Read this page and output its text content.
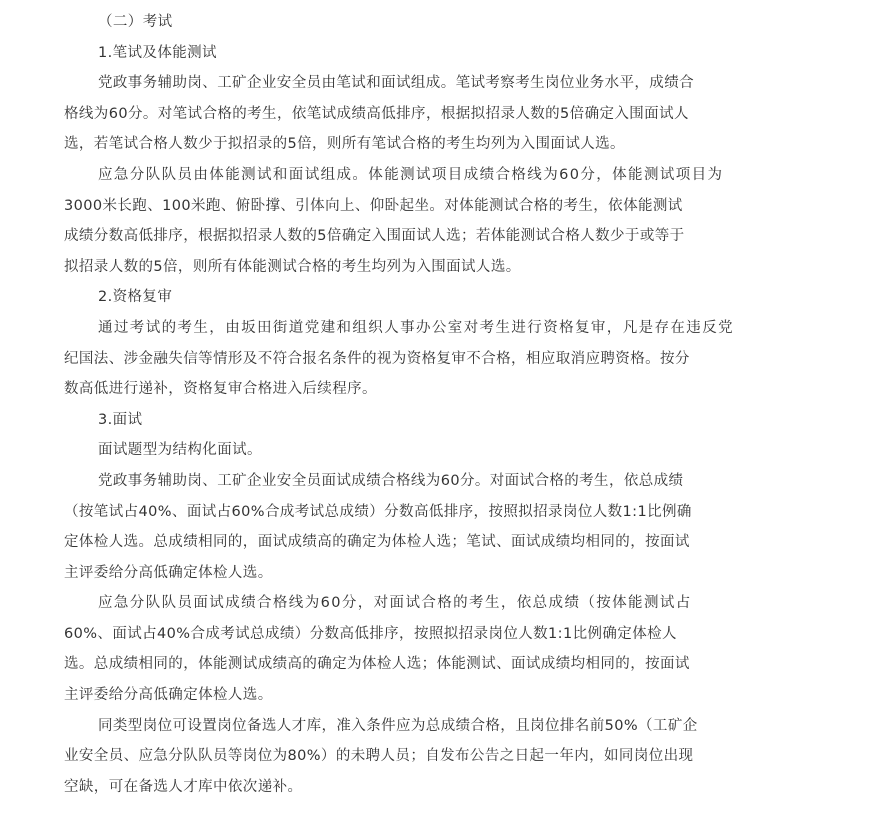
（二）考试
1.笔试及体能测试
党政事务辅助岗、工矿企业安全员由笔试和面试组成。笔试考察考生岗位业务水平，成绩合
格线为60分。对笔试合格的考生，依笔试成绩高低排序，根据拟招录人数的5倍确定入围面试人
选，若笔试合格人数少于拟招录的5倍，则所有笔试合格的考生均列为入围面试人选。
应急分队队员由体能测试和面试组成。体能测试项目成绩合格线为60分，体能测试项目为
3000米长跑、100米跑、俯卧撑、引体向上、仰卧起坐。对体能测试合格的考生，依体能测试
成绩分数高低排序，根据拟招录人数的5倍确定入围面试人选；若体能测试合格人数少于或等于
拟招录人数的5倍，则所有体能测试合格的考生均列为入围面试人选。
2.资格复审
通过考试的考生，由坂田街道党建和组织人事办公室对考生进行资格复审，凡是存在违反党
纪国法、涉金融失信等情形及不符合报名条件的视为资格复审不合格，相应取消应聘资格。按分
数高低进行递补，资格复审合格进入后续程序。
3.面试
面试题型为结构化面试。
党政事务辅助岗、工矿企业安全员面试成绩合格线为60分。对面试合格的考生，依总成绩
（按笔试占40%、面试占60%合成考试总成绩）分数高低排序，按照拟招录岗位人数1:1比例确
定体检人选。总成绩相同的，面试成绩高的确定为体检人选；笔试、面试成绩均相同的，按面试
主评委给分高低确定体检人选。
应急分队队员面试成绩合格线为60分，对面试合格的考生，依总成绩（按体能测试占
60%、面试占40%合成考试总成绩）分数高低排序，按照拟招录岗位人数1:1比例确定体检人
选。总成绩相同的，体能测试成绩高的确定为体检人选；体能测试、面试成绩均相同的，按面试
主评委给分高低确定体检人选。
同类型岗位可设置岗位备选人才库，准入条件应为总成绩合格，且岗位排名前50%（工矿企
业安全员、应急分队队员等岗位为80%）的未聘人员；自发布公告之日起一年内，如同岗位出现
空缺，可在备选人才库中依次递补。
